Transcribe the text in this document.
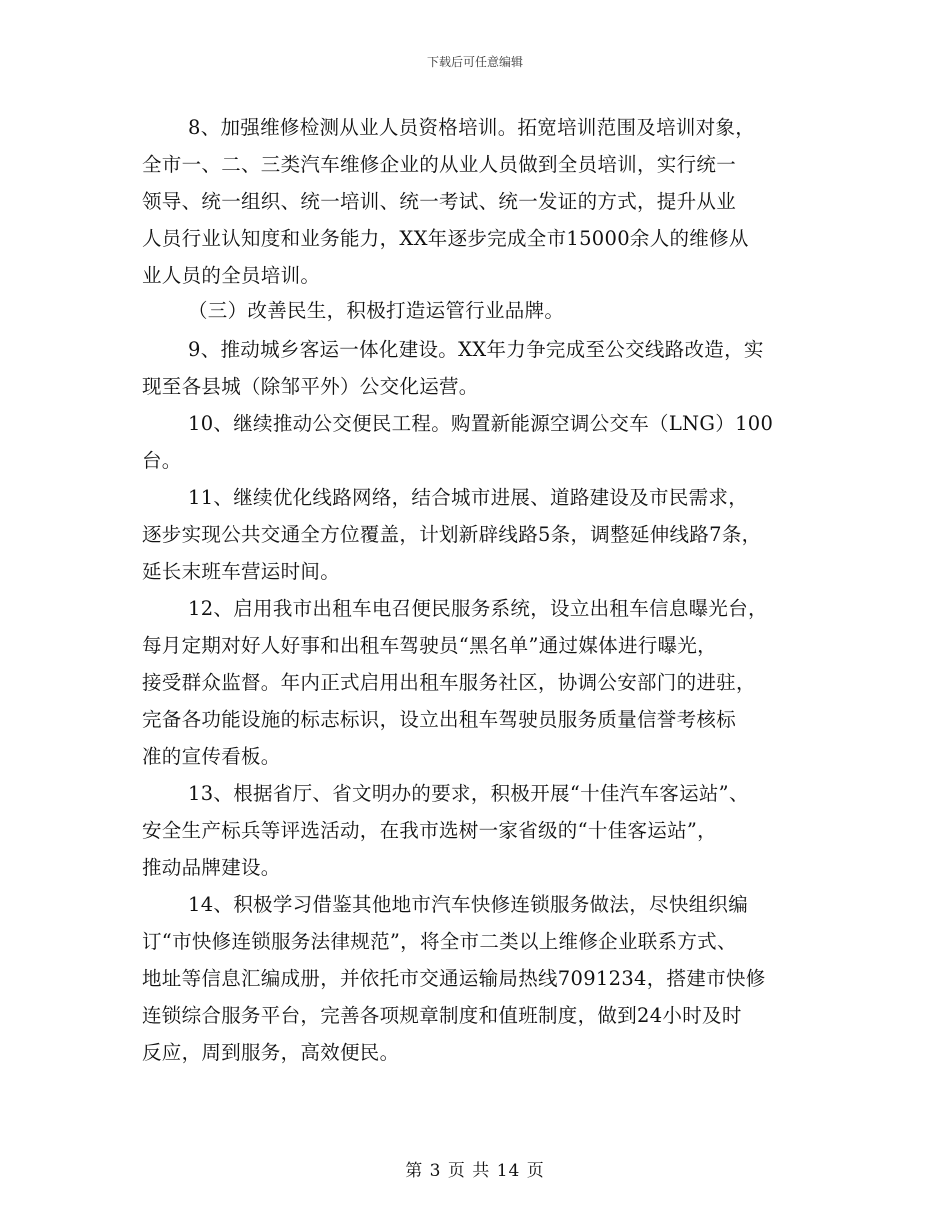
下载后可任意编辑
8、加强维修检测从业人员资格培训。拓宽培训范围及培训对象，
全市一、二、三类汽车维修企业的从业人员做到全员培训，实行统一
领导、统一组织、统一培训、统一考试、统一发证的方式，提升从业
人员行业认知度和业务能力，XX年逐步完成全市15000余人的维修从
业人员的全员培训。
（三）改善民生，积极打造运管行业品牌。
9、推动城乡客运一体化建设。XX年力争完成至公交线路改造，实
现至各县城（除邹平外）公交化运营。
10、继续推动公交便民工程。购置新能源空调公交车（LNG）100
台。
11、继续优化线路网络，结合城市进展、道路建设及市民需求，
逐步实现公共交通全方位覆盖，计划新辟线路5条，调整延伸线路7条，
延长末班车营运时间。
12、启用我市出租车电召便民服务系统，设立出租车信息曝光台，
每月定期对好人好事和出租车驾驶员“黑名单”通过媒体进行曝光，
接受群众监督。年内正式启用出租车服务社区，协调公安部门的进驻，
完备各功能设施的标志标识，设立出租车驾驶员服务质量信誉考核标
准的宣传看板。
13、根据省厅、省文明办的要求，积极开展“十佳汽车客运站”、
安全生产标兵等评选活动，在我市选树一家省级的“十佳客运站”，
推动品牌建设。
14、积极学习借鉴其他地市汽车快修连锁服务做法，尽快组织编
订“市快修连锁服务法律规范”，将全市二类以上维修企业联系方式、
地址等信息汇编成册，并依托市交通运输局热线7091234，搭建市快修
连锁综合服务平台，完善各项规章制度和值班制度，做到24小时及时
反应，周到服务，高效便民。
第 3 页 共 14 页
